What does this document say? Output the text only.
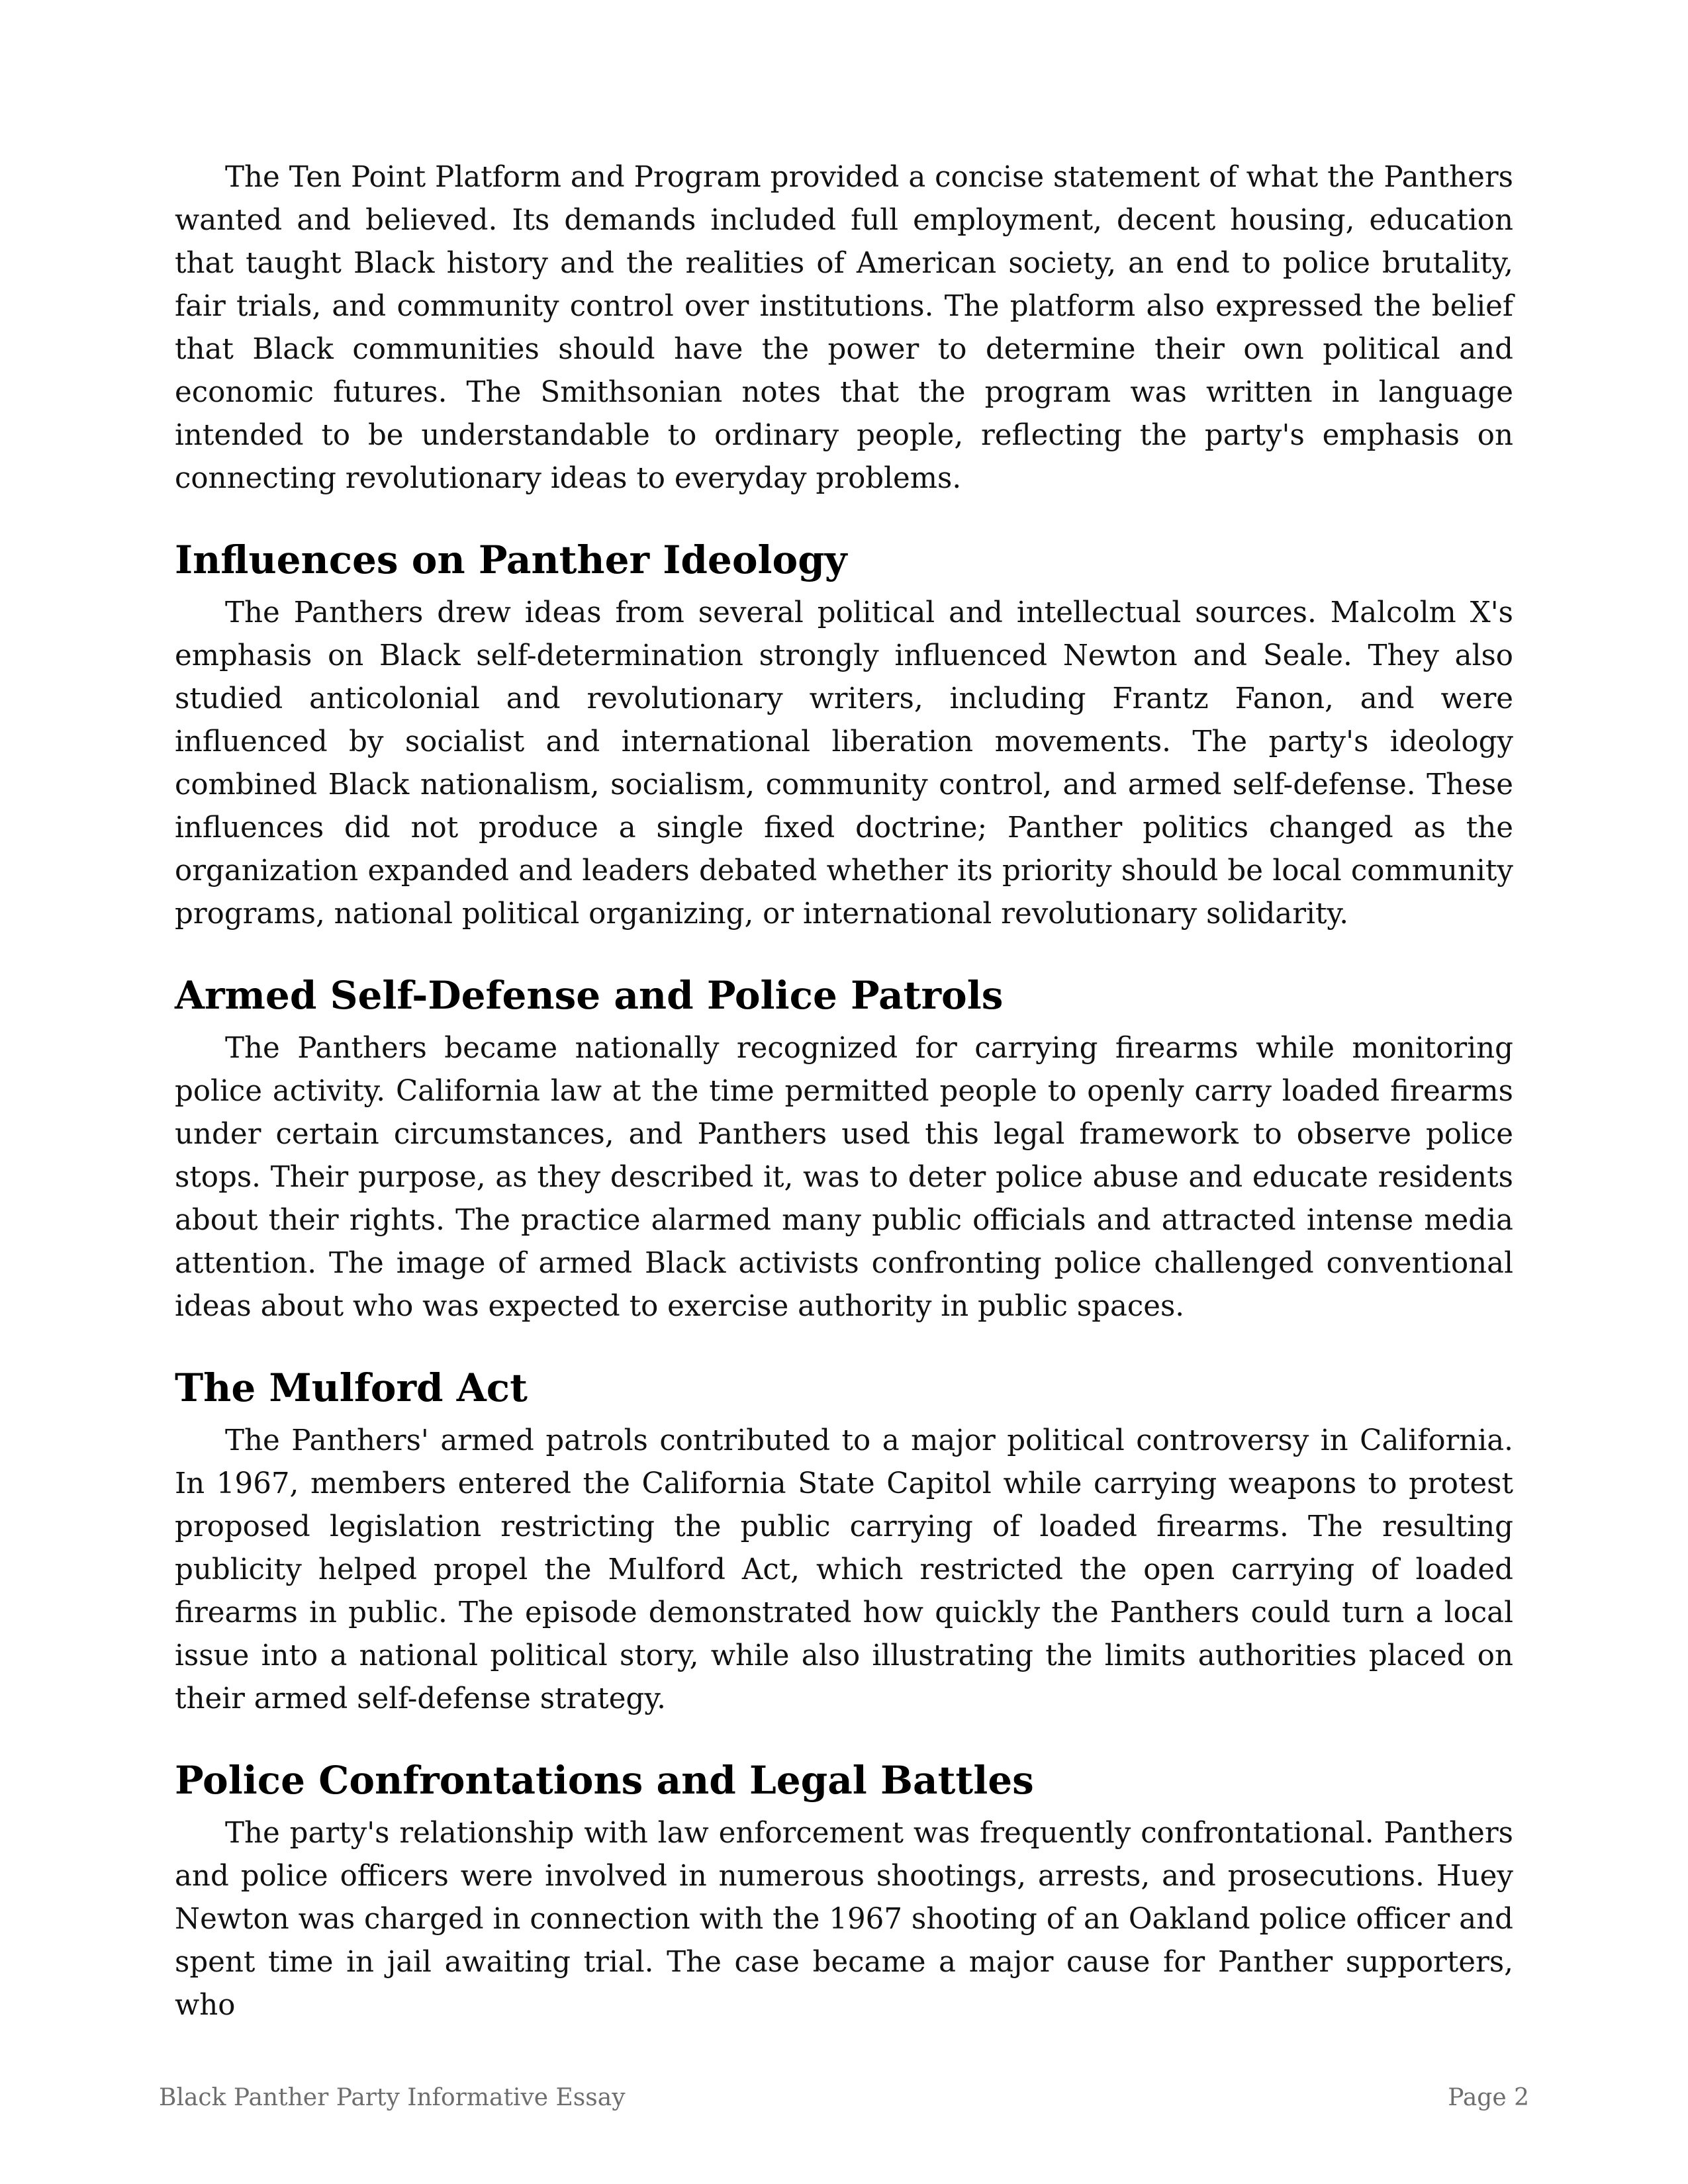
The Ten Point Platform and Program provided a concise statement of what the Panthers wanted and believed. Its demands included full employment, decent housing, education that taught Black history and the realities of American society, an end to police brutality, fair trials, and community control over institutions. The platform also expressed the belief that Black communities should have the power to determine their own political and economic futures. The Smithsonian notes that the program was written in language intended to be understandable to ordinary people, reflecting the party's emphasis on connecting revolutionary ideas to everyday problems.

Influences on Panther Ideology

The Panthers drew ideas from several political and intellectual sources. Malcolm X's emphasis on Black self-determination strongly influenced Newton and Seale. They also studied anticolonial and revolutionary writers, including Frantz Fanon, and were influenced by socialist and international liberation movements. The party's ideology combined Black nationalism, socialism, community control, and armed self-defense. These influences did not produce a single fixed doctrine; Panther politics changed as the organization expanded and leaders debated whether its priority should be local community programs, national political organizing, or international revolutionary solidarity.

Armed Self-Defense and Police Patrols

The Panthers became nationally recognized for carrying firearms while monitoring police activity. California law at the time permitted people to openly carry loaded firearms under certain circumstances, and Panthers used this legal framework to observe police stops. Their purpose, as they described it, was to deter police abuse and educate residents about their rights. The practice alarmed many public officials and attracted intense media attention. The image of armed Black activists confronting police challenged conventional ideas about who was expected to exercise authority in public spaces.

The Mulford Act

The Panthers' armed patrols contributed to a major political controversy in California. In 1967, members entered the California State Capitol while carrying weapons to protest proposed legislation restricting the public carrying of loaded firearms. The resulting publicity helped propel the Mulford Act, which restricted the open carrying of loaded firearms in public. The episode demonstrated how quickly the Panthers could turn a local issue into a national political story, while also illustrating the limits authorities placed on their armed self-defense strategy.

Police Confrontations and Legal Battles

The party's relationship with law enforcement was frequently confrontational. Panthers and police officers were involved in numerous shootings, arrests, and prosecutions. Huey Newton was charged in connection with the 1967 shooting of an Oakland police officer and spent time in jail awaiting trial. The case became a major cause for Panther supporters, who

Black Panther Party Informative Essay	Page 2
